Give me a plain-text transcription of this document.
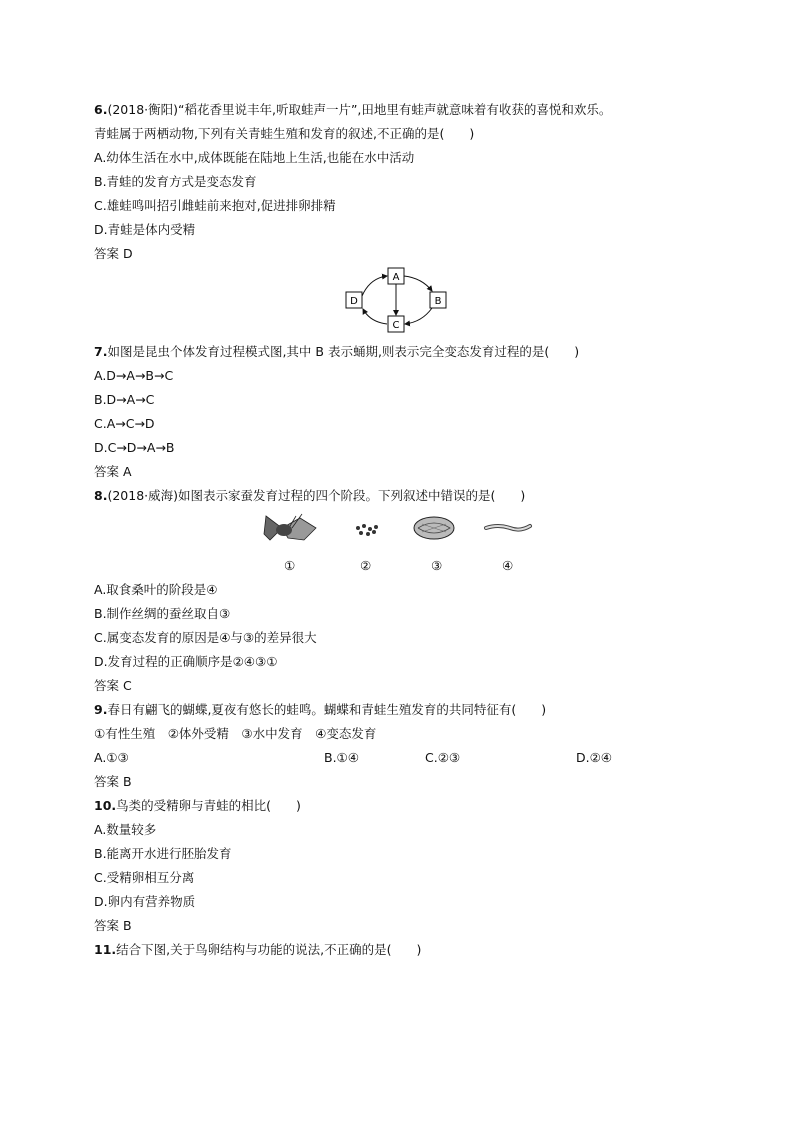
6.(2018·衡阳)“稻花香里说丰年,听取蛙声一片”,田地里有蛙声就意味着有收获的喜悦和欢乐。
青蛙属于两栖动物,下列有关青蛙生殖和发育的叙述,不正确的是(　　)
A.幼体生活在水中,成体既能在陆地上生活,也能在水中活动
B.青蛙的发育方式是变态发育
C.雄蛙鸣叫招引雌蛙前来抱对,促进排卵排精
D.青蛙是体内受精
答案 D
A
B
C
D
7.如图是昆虫个体发育过程模式图,其中 B 表示蛹期,则表示完全变态发育过程的是(　　)
A.D→A→B→C
B.D→A→C
C.A→C→D
D.C→D→A→B
答案 A
8.(2018·威海)如图表示家蚕发育过程的四个阶段。下列叙述中错误的是(　　)
①	②	③	④
A.取食桑叶的阶段是④
B.制作丝绸的蚕丝取自③
C.属变态发育的原因是④与③的差异很大
D.发育过程的正确顺序是②④③①
答案 C
9.春日有翩飞的蝴蝶,夏夜有悠长的蛙鸣。蝴蝶和青蛙生殖发育的共同特征有(　　)
①有性生殖　②体外受精　③水中发育　④变态发育
A.①③	B.①④	C.②③	D.②④
答案 B
10.鸟类的受精卵与青蛙的相比(　　)
A.数量较多
B.能离开水进行胚胎发育
C.受精卵相互分离
D.卵内有营养物质
答案 B
11.结合下图,关于鸟卵结构与功能的说法,不正确的是(　　)
